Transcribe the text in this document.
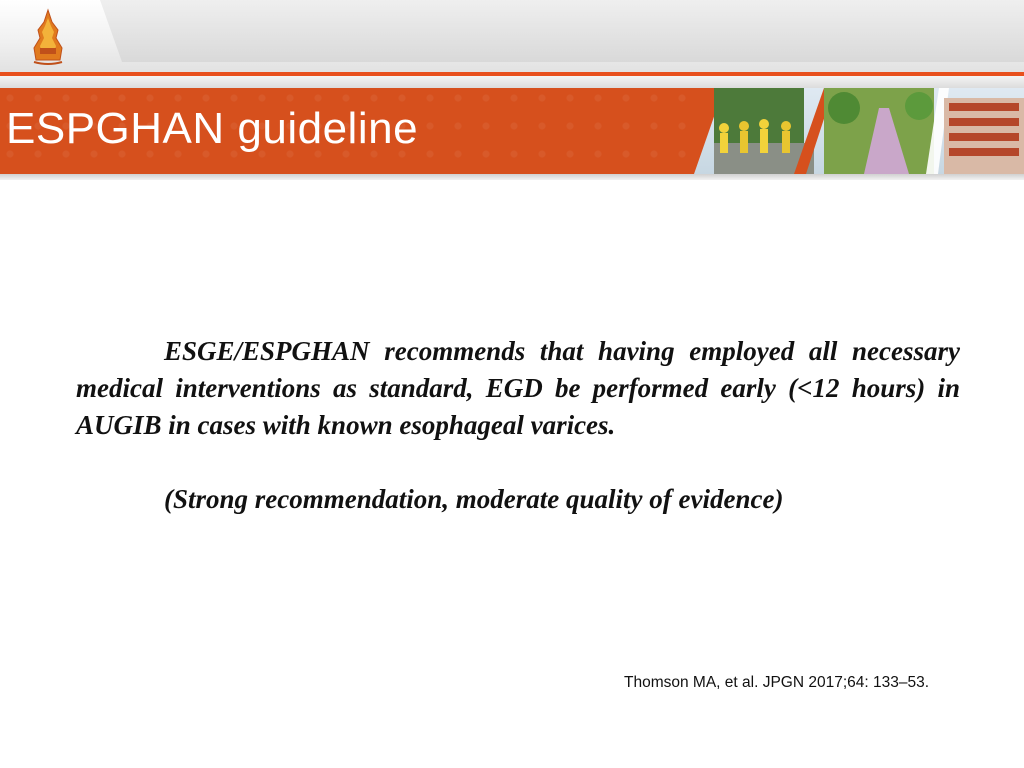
ESPGHAN guideline
ESGE/ESPGHAN recommends that having employed all necessary medical interventions as standard, EGD be performed early (<12 hours) in AUGIB in cases with known esophageal varices.
(Strong recommendation, moderate quality of evidence)
Thomson MA, et al. JPGN 2017;64: 133–53.
